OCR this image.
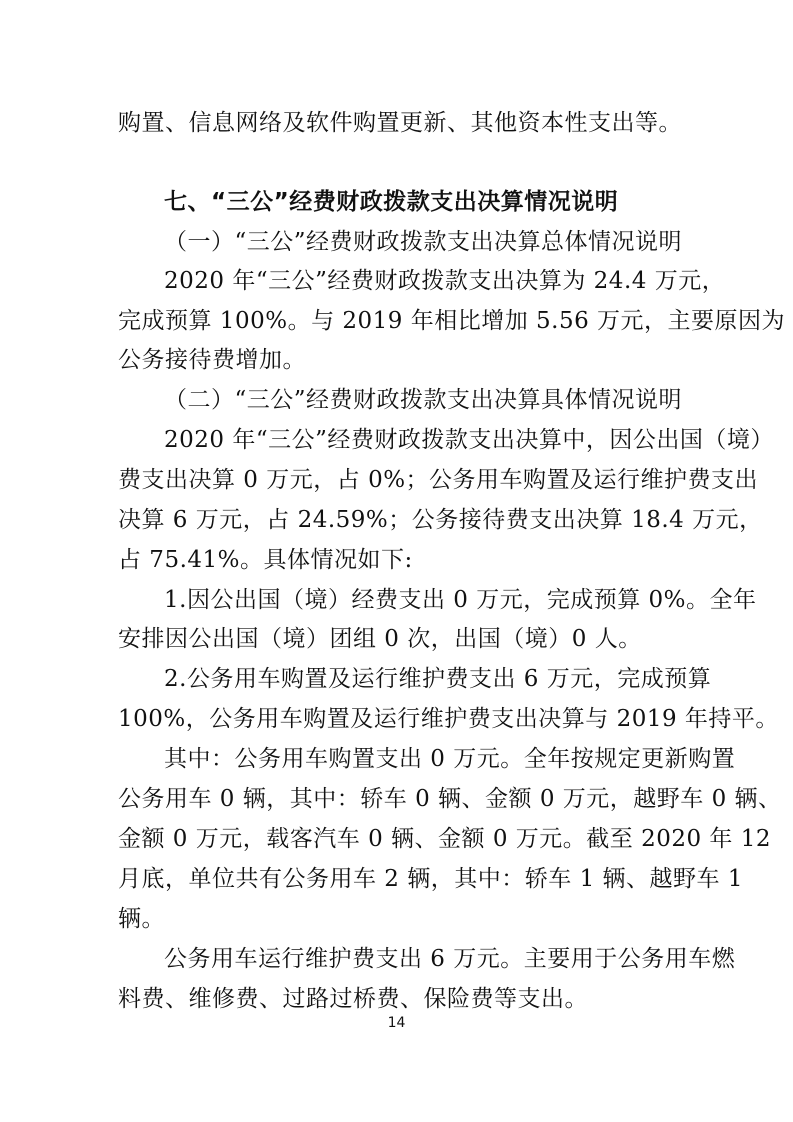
购置、信息网络及软件购置更新、其他资本性支出等。
七、“三公”经费财政拨款支出决算情况说明
（一）“三公”经费财政拨款支出决算总体情况说明
2020 年“三公”经费财政拨款支出决算为 24.4 万元，
完成预算 100%。与 2019 年相比增加 5.56 万元，主要原因为
公务接待费增加。
（二）“三公”经费财政拨款支出决算具体情况说明
2020 年“三公”经费财政拨款支出决算中，因公出国（境）
费支出决算 0 万元，占 0%；公务用车购置及运行维护费支出
决算 6 万元，占 24.59%；公务接待费支出决算 18.4 万元，
占 75.41%。具体情况如下:
1.因公出国（境）经费支出 0 万元，完成预算 0%。全年
安排因公出国（境）团组 0 次，出国（境）0 人。
2.公务用车购置及运行维护费支出 6 万元，完成预算
100%，公务用车购置及运行维护费支出决算与 2019 年持平。
其中：公务用车购置支出 0 万元。全年按规定更新购置
公务用车 0 辆，其中：轿车 0 辆、金额 0 万元，越野车 0 辆、
金额 0 万元，载客汽车 0 辆、金额 0 万元。截至 2020 年 12
月底，单位共有公务用车 2 辆，其中：轿车 1 辆、越野车 1
辆。
公务用车运行维护费支出 6 万元。主要用于公务用车燃
料费、维修费、过路过桥费、保险费等支出。
14
